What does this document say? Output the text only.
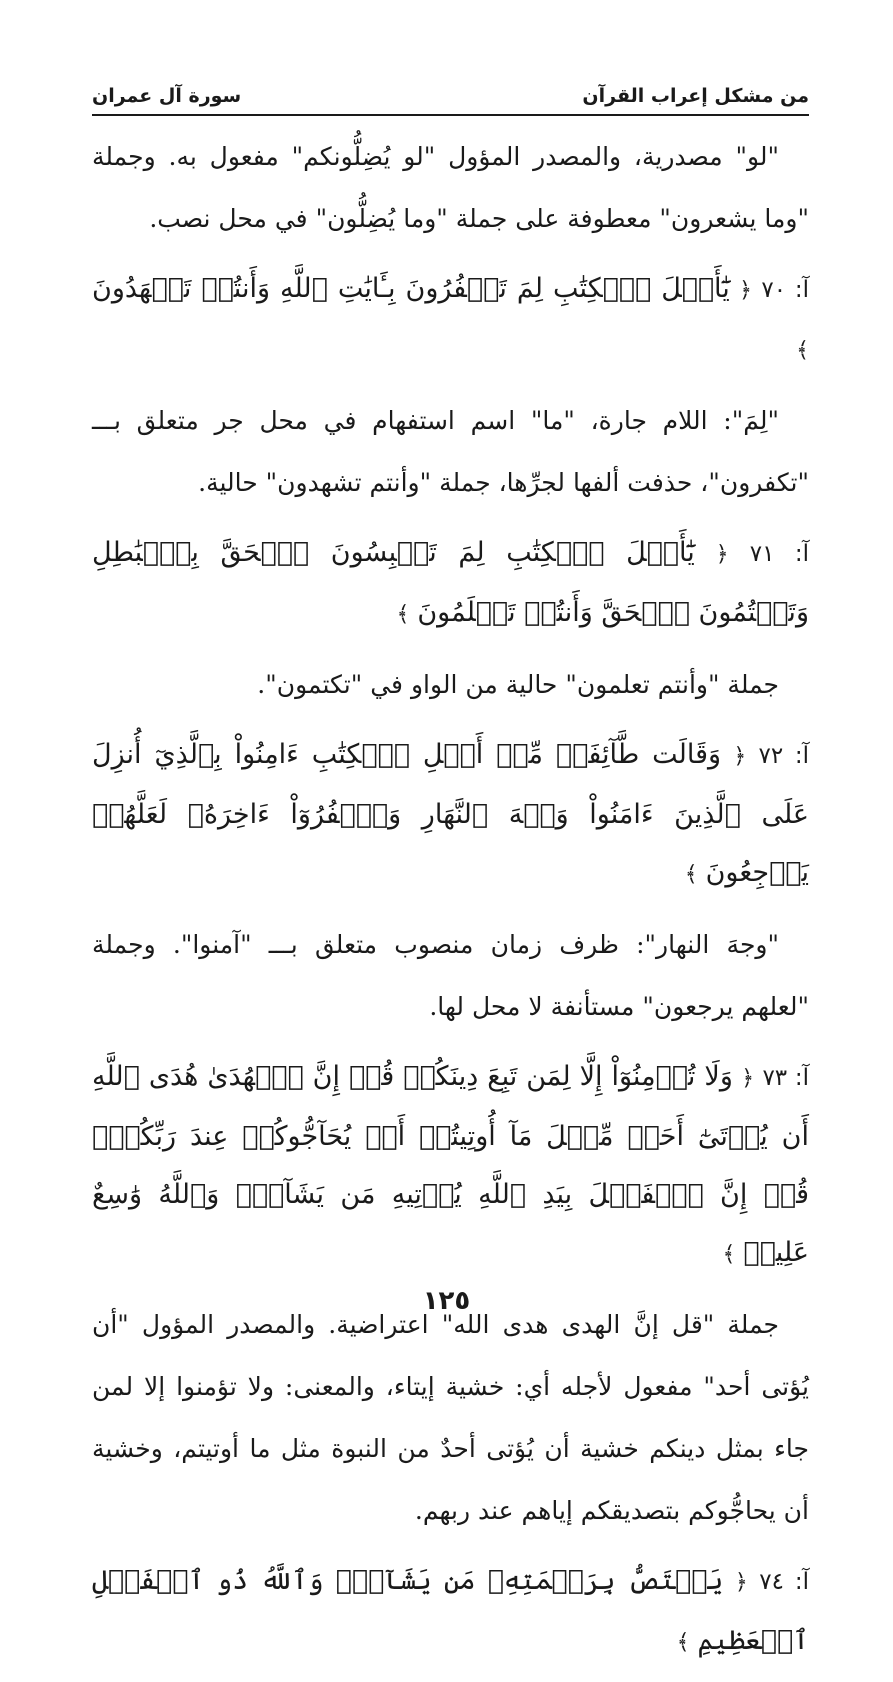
سورة آل عمران	من مشكل إعراب القرآن

"لو" مصدرية، والمصدر المؤول "لو يُضِلُّونكم" مفعول به. وجملة "وما يشعرون" معطوفة على جملة "وما يُضِلُّون" في محل نصب.

آ: ٧٠ ﴿ يَٰٓأَهۡلَ ٱلۡكِتَٰبِ لِمَ تَكۡفُرُونَ بِـَٔايَٰتِ ٱللَّهِ وَأَنتُمۡ تَشۡهَدُونَ ﴾

"لِمَ": اللام جارة، "ما" اسم استفهام في محل جر متعلق بـــ "تكفرون"، حذفت ألفها لجرِّها، جملة "وأنتم تشهدون" حالية.

آ: ٧١ ﴿ يَٰٓأَهۡلَ ٱلۡكِتَٰبِ لِمَ تَلۡبِسُونَ ٱلۡحَقَّ بِٱلۡبَٰطِلِ وَتَكۡتُمُونَ ٱلۡحَقَّ وَأَنتُمۡ تَعۡلَمُونَ ﴾

جملة "وأنتم تعلمون" حالية من الواو في "تكتمون".

آ: ٧٢ ﴿ وَقَالَت طَّآئِفَةٞ مِّنۡ أَهۡلِ ٱلۡكِتَٰبِ ءَامِنُواْ بِٱلَّذِيٓ أُنزِلَ عَلَى ٱلَّذِينَ ءَامَنُواْ وَجۡهَ ٱلنَّهَارِ وَٱكۡفُرُوٓاْ ءَاخِرَهُۥ لَعَلَّهُمۡ يَرۡجِعُونَ ﴾

"وجهَ النهار": ظرف زمان منصوب متعلق بـــ "آمنوا". وجملة "لعلهم يرجعون" مستأنفة لا محل لها.

آ: ٧٣ ﴿ وَلَا تُؤۡمِنُوٓاْ إِلَّا لِمَن تَبِعَ دِينَكُمۡ قُلۡ إِنَّ ٱلۡهُدَىٰ هُدَى ٱللَّهِ أَن يُؤۡتَىٰٓ أَحَدٞ مِّثۡلَ مَآ أُوتِيتُمۡ أَوۡ يُحَآجُّوكُمۡ عِندَ رَبِّكُمۡۗ قُلۡ إِنَّ ٱلۡفَضۡلَ بِيَدِ ٱللَّهِ يُؤۡتِيهِ مَن يَشَآءُۗ وَٱللَّهُ وَٰسِعٌ عَلِيمٞ ﴾

جملة "قل إنَّ الهدى هدى الله" اعتراضية. والمصدر المؤول "أن يُؤتى أحد" مفعول لأجله أي: خشية إيتاء، والمعنى: ولا تؤمنوا إلا لمن جاء بمثل دينكم خشية أن يُؤتى أحدٌ من النبوة مثل ما أوتيتم، وخشية أن يحاجُّوكم بتصديقكم إياهم عند ربهم.

آ: ٧٤ ﴿ يَخۡتَصُّ بِرَحۡمَتِهِۦ مَن يَشَآءُۗ وَٱللَّهُ ذُو ٱلۡفَضۡلِ ٱلۡعَظِيمِ ﴾

١٢٥
